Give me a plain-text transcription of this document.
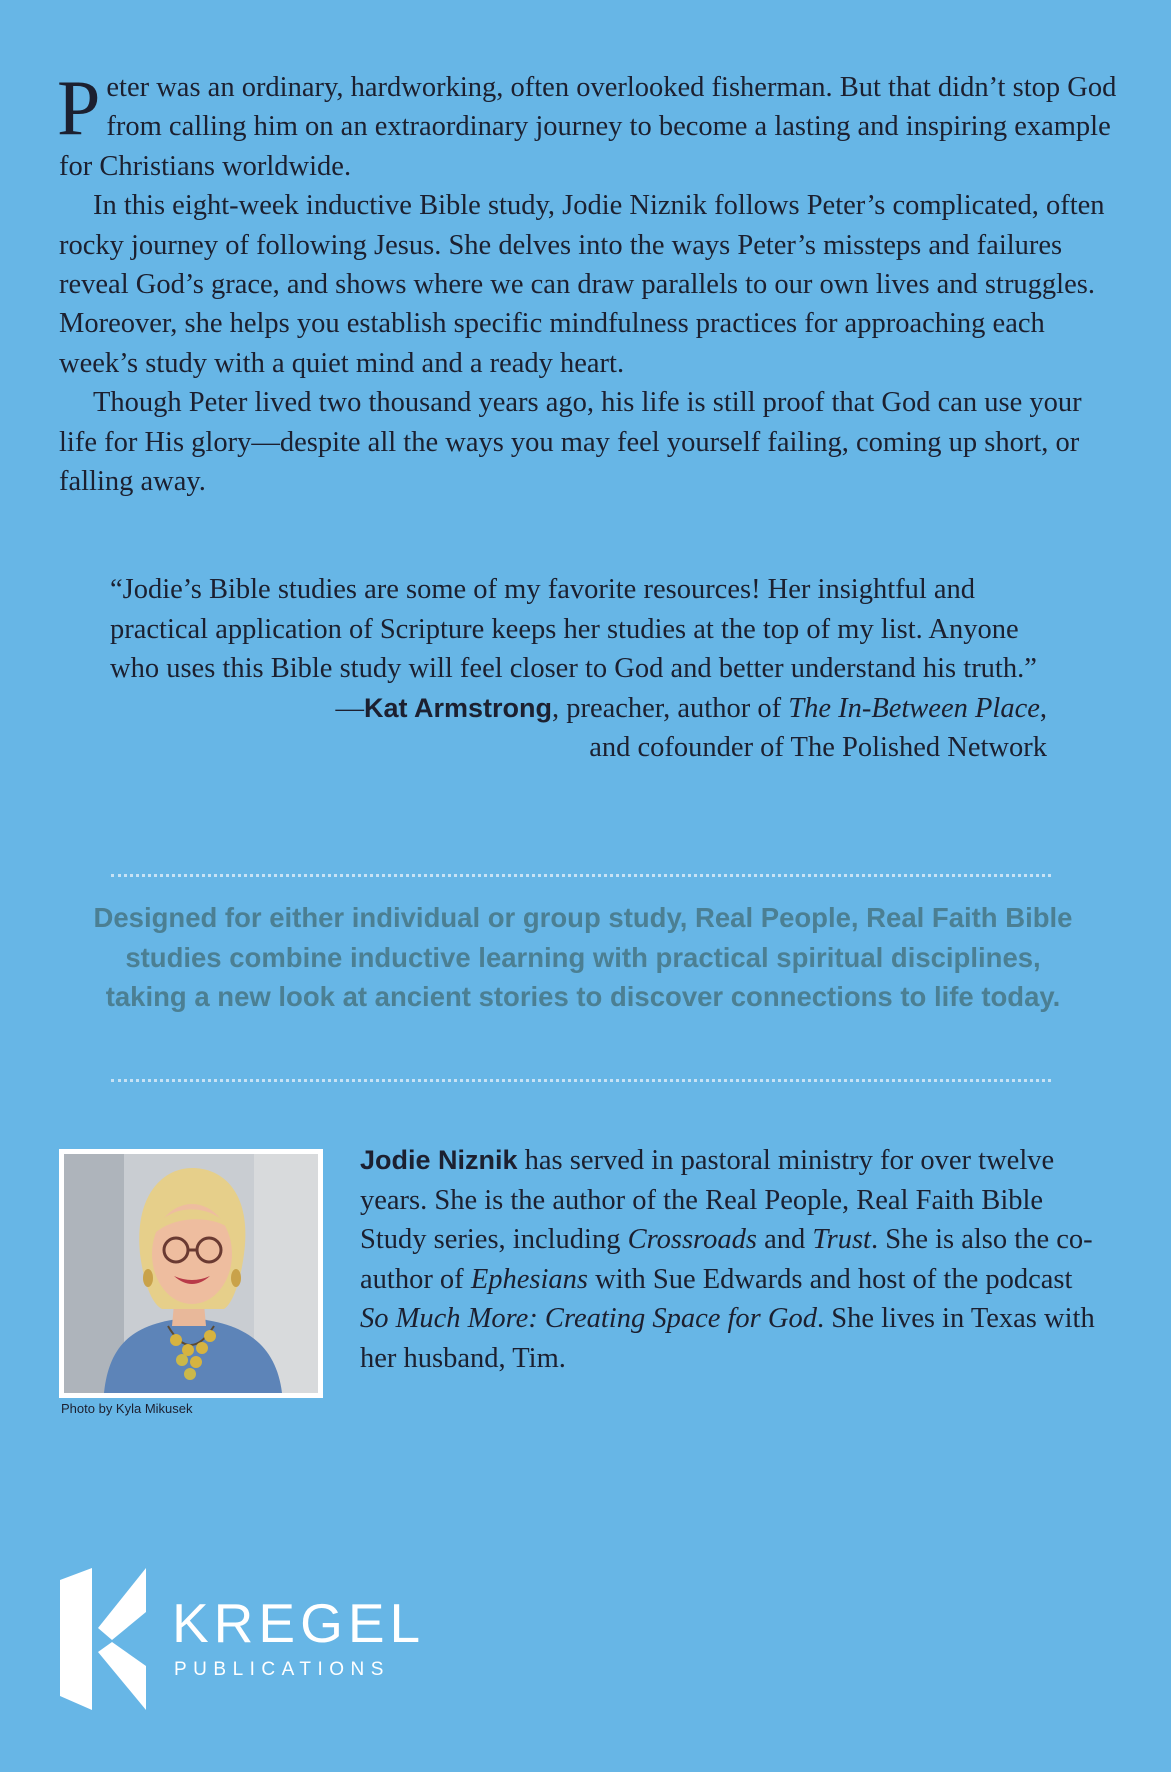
Peter was an ordinary, hardworking, often overlooked fisherman. But that didn’t stop God from calling him on an extraordinary journey to become a lasting and inspiring example for Christians worldwide.

In this eight-week inductive Bible study, Jodie Niznik follows Peter’s complicated, often rocky journey of following Jesus. She delves into the ways Peter’s missteps and failures reveal God’s grace, and shows where we can draw parallels to our own lives and struggles. Moreover, she helps you establish specific mindfulness practices for approaching each week’s study with a quiet mind and a ready heart.

Though Peter lived two thousand years ago, his life is still proof that God can use your life for His glory—despite all the ways you may feel yourself failing, coming up short, or falling away.

“Jodie’s Bible studies are some of my favorite resources! Her insightful and practical application of Scripture keeps her studies at the top of my list. Anyone who uses this Bible study will feel closer to God and better understand his truth.”

—Kat Armstrong, preacher, author of The In-Between Place,
and cofounder of The Polished Network

Designed for either individual or group study, Real People, Real Faith Bible studies combine inductive learning with practical spiritual disciplines, taking a new look at ancient stories to discover connections to life today.

Photo by Kyla Mikusek

Jodie Niznik has served in pastoral ministry for over twelve years. She is the author of the Real People, Real Faith Bible Study series, including Crossroads and Trust. She is also the co-author of Ephesians with Sue Edwards and host of the podcast So Much More: Creating Space for God. She lives in Texas with her husband, Tim.

KREGEL
PUBLICATIONS
